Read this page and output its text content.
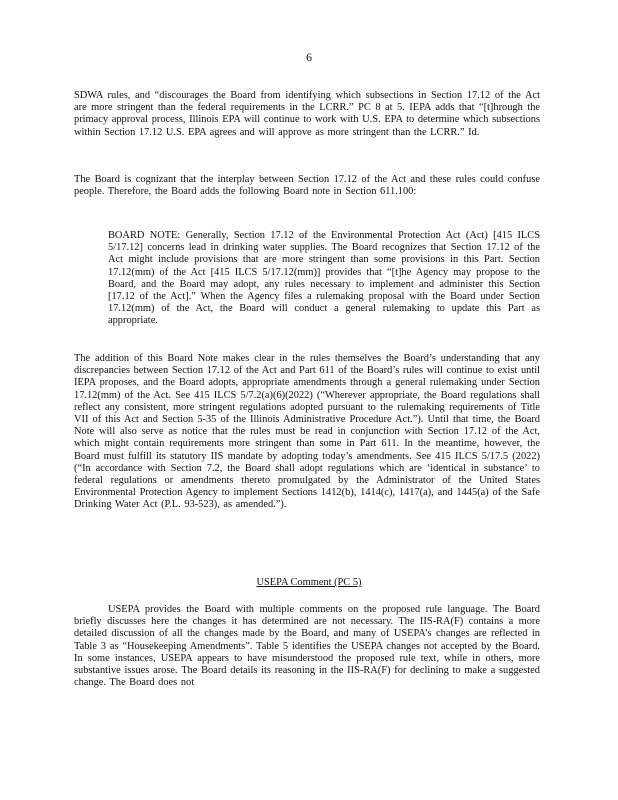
6

SDWA rules, and “discourages the Board from identifying which subsections in Section 17.12 of the Act are more stringent than the federal requirements in the LCRR.” PC 8 at 5. IEPA adds that “[t]hrough the primacy approval process, Illinois EPA will continue to work with U.S. EPA to determine which subsections within Section 17.12 U.S. EPA agrees and will approve as more stringent than the LCRR.” Id.

The Board is cognizant that the interplay between Section 17.12 of the Act and these rules could confuse people. Therefore, the Board adds the following Board note in Section 611.100:

BOARD NOTE: Generally, Section 17.12 of the Environmental Protection Act (Act) [415 ILCS 5/17.12] concerns lead in drinking water supplies. The Board recognizes that Section 17.12 of the Act might include provisions that are more stringent than some provisions in this Part. Section 17.12(mm) of the Act [415 ILCS 5/17.12(mm)] provides that “[t]he Agency may propose to the Board, and the Board may adopt, any rules necessary to implement and administer this Section [17.12 of the Act].” When the Agency files a rulemaking proposal with the Board under Section 17.12(mm) of the Act, the Board will conduct a general rulemaking to update this Part as appropriate.

The addition of this Board Note makes clear in the rules themselves the Board’s understanding that any discrepancies between Section 17.12 of the Act and Part 611 of the Board’s rules will continue to exist until IEPA proposes, and the Board adopts, appropriate amendments through a general rulemaking under Section 17.12(mm) of the Act. See 415 ILCS 5/7.2(a)(6)(2022) (“Wherever appropriate, the Board regulations shall reflect any consistent, more stringent regulations adopted pursuant to the rulemaking requirements of Title VII of this Act and Section 5-35 of the Illinois Administrative Procedure Act.”). Until that time, the Board Note will also serve as notice that the rules must be read in conjunction with Section 17.12 of the Act, which might contain requirements more stringent than some in Part 611. In the meantime, however, the Board must fulfill its statutory IIS mandate by adopting today’s amendments. See 415 ILCS 5/17.5 (2022) (“In accordance with Section 7.2, the Board shall adopt regulations which are ‘identical in substance’ to federal regulations or amendments thereto promulgated by the Administrator of the United States Environmental Protection Agency to implement Sections 1412(b), 1414(c), 1417(a), and 1445(a) of the Safe Drinking Water Act (P.L. 93-523), as amended.”).

USEPA Comment (PC 5)

USEPA provides the Board with multiple comments on the proposed rule language. The Board briefly discusses here the changes it has determined are not necessary. The IIS-RA(F) contains a more detailed discussion of all the changes made by the Board, and many of USEPA’s changes are reflected in Table 3 as “Housekeeping Amendments”. Table 5 identifies the USEPA changes not accepted by the Board. In some instances, USEPA appears to have misunderstood the proposed rule text, while in others, more substantive issues arose. The Board details its reasoning in the IIS-RA(F) for declining to make a suggested change. The Board does not
